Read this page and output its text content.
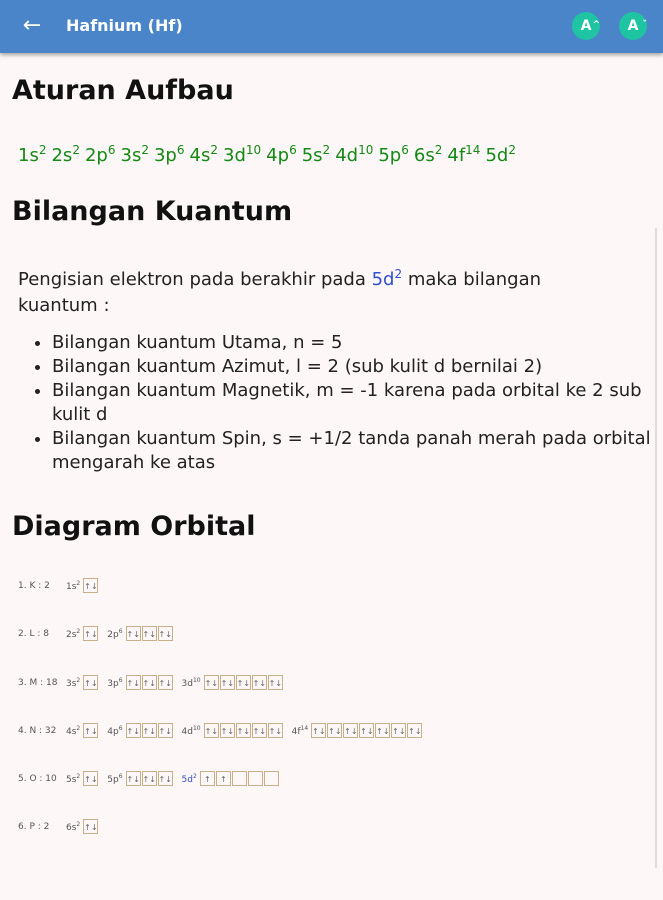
← Hafnium (Hf)	A ^	A ˇ
Aturan Aufbau
$1s^2$ $2s^2$ $2p^6$ $3s^2$ $3p^6$ $4s^2$ $3d^{10}$ $4p^6$ $5s^2$ $4d^{10}$ $5p^6$ $6s^2$ $4f^{14}$ $5d^2$
Bilangan Kuantum
Pengisian elektron pada berakhir pada $5d^2$ maka bilangan kuantum :
• Bilangan kuantum Utama, n = 5
• Bilangan kuantum Azimut, l = 2 (sub kulit d bernilai 2)
• Bilangan kuantum Magnetik, m = -1 karena pada orbital ke 2 sub kulit d
• Bilangan kuantum Spin, s = +1/2 tanda panah merah pada orbital mengarah ke atas
Diagram Orbital
1. K : 2 $1s^2$ ↑↓
2. L : 8 $2s^2$ ↑↓ $2p^6$ ↑↓ ↑↓ ↑↓
3. M : 18 $3s^2$ ↑↓ $3p^6$ ↑↓ ↑↓ ↑↓ $3d^{10}$ ↑↓ ↑↓ ↑↓ ↑↓ ↑↓
4. N : 32 $4s^2$ ↑↓ $4p^6$ ↑↓ ↑↓ ↑↓ $4d^{10}$ ↑↓ ↑↓ ↑↓ ↑↓ ↑↓ $4f^{14}$ ↑↓ ↑↓ ↑↓ ↑↓ ↑↓ ↑↓ ↑↓
5. O : 10 $5s^2$ ↑↓ $5p^6$ ↑↓ ↑↓ ↑↓ $5d^2$ ↑ ↑
6. P : 2 $6s^2$ ↑↓
